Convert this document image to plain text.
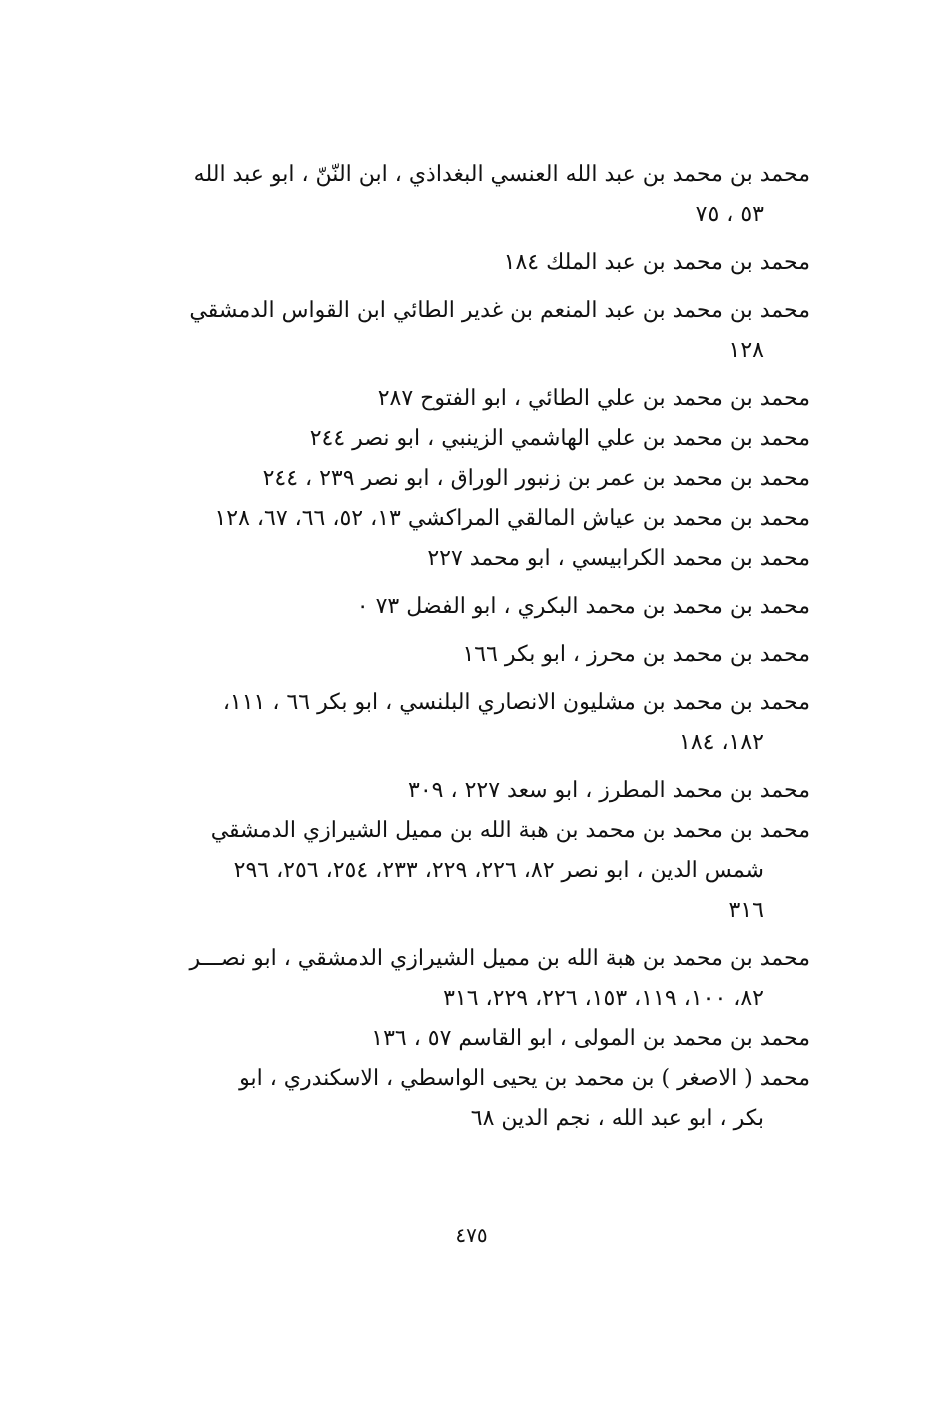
محمد بن محمد بن عبد الله العنسي البغداذي ، ابن النّنّ ، ابو عبد الله
٥٣ ، ٧٥
محمد بن محمد بن عبد الملك ١٨٤
محمد بن محمد بن عبد المنعم بن غدير الطائي ابن القواس الدمشقي
١٢٨
محمد بن محمد بن علي الطائي ، ابو الفتوح ٢٨٧
محمد بن محمد بن علي الهاشمي الزينبي ، ابو نصر ٢٤٤
محمد بن محمد بن عمر بن زنبور الوراق ، ابو نصر ٢٣٩ ، ٢٤٤
محمد بن محمد بن عياش المالقي المراكشي ١٣، ٥٢، ٦٦، ٦٧، ١٢٨
محمد بن محمد الكرابيسي ، ابو محمد ٢٢٧
محمد بن محمد بن محمد البكري ، ابو الفضل ٧٣ ٠
محمد بن محمد بن محرز ، ابو بكر ١٦٦
محمد بن محمد بن مشليون الانصاري البلنسي ، ابو بكر ٦٦ ، ١١١،
١٨٢، ١٨٤
محمد بن محمد المطرز ، ابو سعد ٢٢٧ ، ٣٠٩
محمد بن محمد بن محمد بن هبة الله بن مميل الشيرازي الدمشقي
شمس الدين ، ابو نصر ٨٢، ٢٢٦، ٢٢٩، ٢٣٣، ٢٥٤، ٢٥٦، ٢٩٦
٣١٦
محمد بن محمد بن هبة الله بن مميل الشيرازي الدمشقي ، ابو نصـــر
٨٢، ١٠٠، ١١٩، ١٥٣، ٢٢٦، ٢٢٩، ٣١٦
محمد بن محمد بن المولى ، ابو القاسم ٥٧ ، ١٣٦
محمد ( الاصغر ) بن محمد بن يحيى الواسطي ، الاسكندري ، ابو
بكر ، ابو عبد الله ، نجم الدين ٦٨
٤٧٥
